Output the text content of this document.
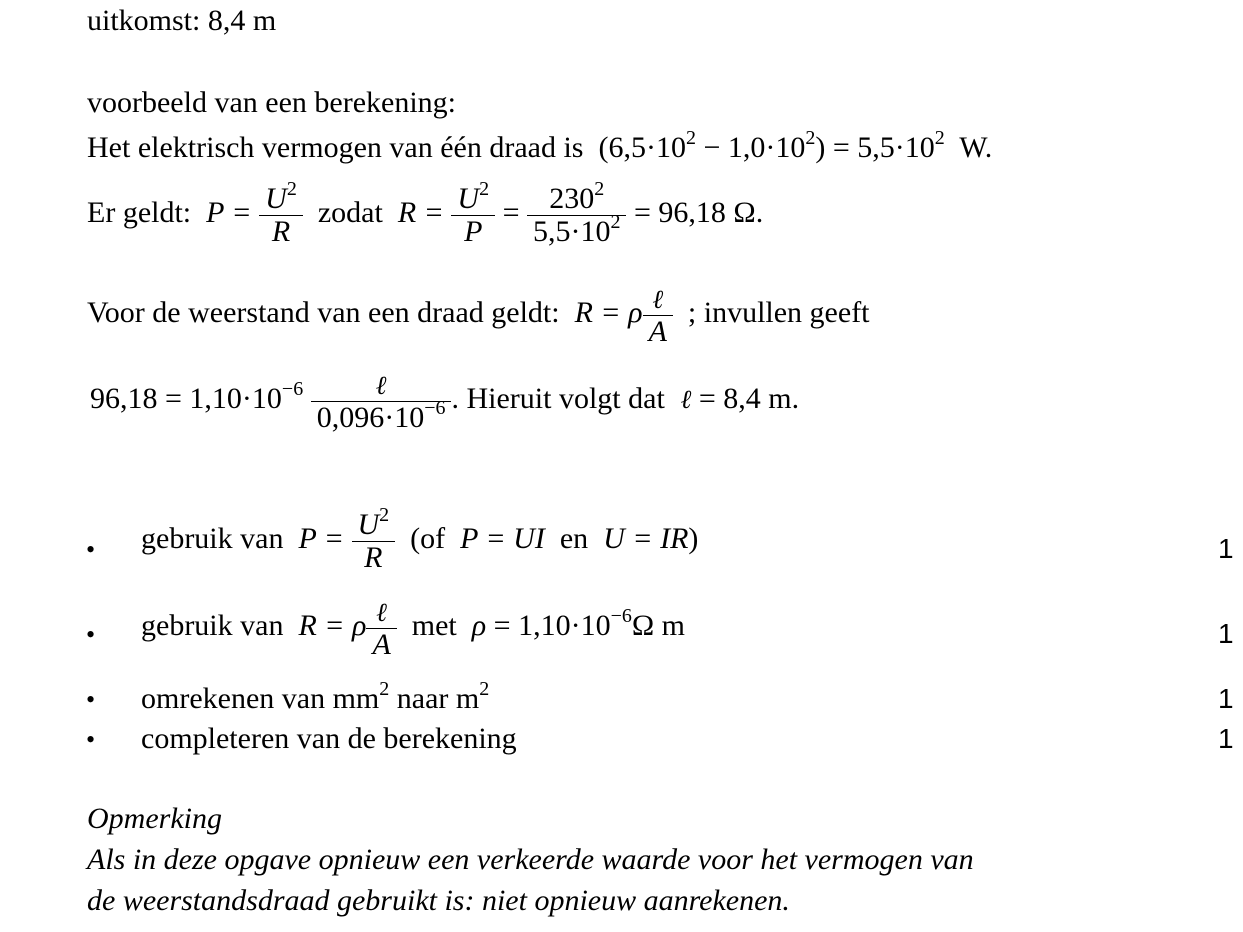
uitkomst: 8,4 m
voorbeeld van een berekening:
Het elektrisch vermogen van één draad is  $(6,5\cdot 10^2 - 1,0\cdot 10^2) = 5,5\cdot 10^2$ W.
Er geldt:  $P = \frac{U^2}{R}$ zodat $R = \frac{U^2}{P} = \frac{230^2}{5,5\cdot 10^2} = 96,18$ Ω.
Voor de weerstand van een draad geldt:  R = ρ $\frac{\text{ℓ}}{A}$ ; invullen geeft
$96,18 = 1,10\cdot 10^{-6} \frac{\text{ℓ}}{0,096\cdot 10^{-6}}$ . Hieruit volgt dat  ℓ = 8,4 m.
• gebruik van  $P = \frac{U^2}{R} (of$  P = UI  en  U = IR)	1
• gebruik van  R = ρ $\frac{\text{ℓ}}{A}$ met $\rho = 1,10\cdot 10^{-6}\Omega$ m	1
• omrekenen van $mm^2$ naar $m^2$	1
• completeren van de berekening	1
Opmerking
Als in deze opgave opnieuw een verkeerde waarde voor het vermogen van
de weerstandsdraad gebruikt is: niet opnieuw aanrekenen.
